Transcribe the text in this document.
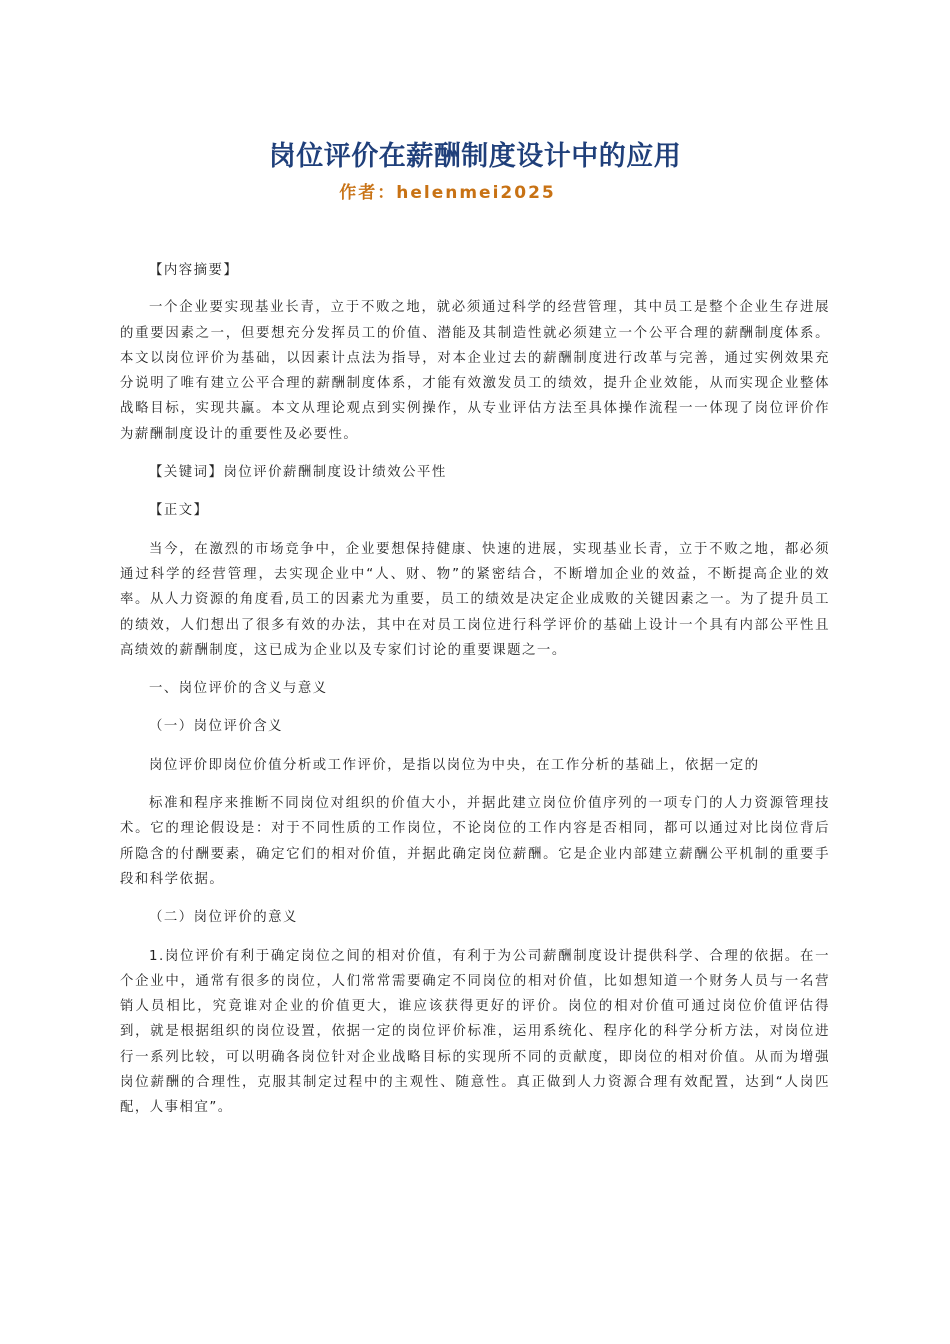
岗位评价在薪酬制度设计中的应用
作者：helenmei2025

【内容摘要】

一个企业要实现基业长青，立于不败之地，就必须通过科学的经营管理，其中员工是整个企业生存进展的重要因素之一，但要想充分发挥员工的价值、潜能及其制造性就必须建立一个公平合理的薪酬制度体系。本文以岗位评价为基础，以因素计点法为指导，对本企业过去的薪酬制度进行改革与完善，通过实例效果充分说明了唯有建立公平合理的薪酬制度体系，才能有效激发员工的绩效，提升企业效能，从而实现企业整体战略目标，实现共赢。本文从理论观点到实例操作，从专业评估方法至具体操作流程一一体现了岗位评价作为薪酬制度设计的重要性及必要性。

【关键词】岗位评价薪酬制度设计绩效公平性

【正文】

当今，在激烈的市场竞争中，企业要想保持健康、快速的进展，实现基业长青，立于不败之地，都必须通过科学的经营管理，去实现企业中“人、财、物”的紧密结合，不断增加企业的效益，不断提高企业的效率。从人力资源的角度看,员工的因素尤为重要，员工的绩效是决定企业成败的关键因素之一。为了提升员工的绩效，人们想出了很多有效的办法，其中在对员工岗位进行科学评价的基础上设计一个具有内部公平性且高绩效的薪酬制度，这已成为企业以及专家们讨论的重要课题之一。

一、岗位评价的含义与意义

（一）岗位评价含义

岗位评价即岗位价值分析或工作评价，是指以岗位为中央，在工作分析的基础上，依据一定的

标准和程序来推断不同岗位对组织的价值大小，并据此建立岗位价值序列的一项专门的人力资源管理技术。它的理论假设是：对于不同性质的工作岗位，不论岗位的工作内容是否相同，都可以通过对比岗位背后所隐含的付酬要素，确定它们的相对价值，并据此确定岗位薪酬。它是企业内部建立薪酬公平机制的重要手段和科学依据。

（二）岗位评价的意义

1.岗位评价有利于确定岗位之间的相对价值，有利于为公司薪酬制度设计提供科学、合理的依据。在一个企业中，通常有很多的岗位，人们常常需要确定不同岗位的相对价值，比如想知道一个财务人员与一名营销人员相比，究竟谁对企业的价值更大，谁应该获得更好的评价。岗位的相对价值可通过岗位价值评估得到，就是根据组织的岗位设置，依据一定的岗位评价标准，运用系统化、程序化的科学分析方法，对岗位进行一系列比较，可以明确各岗位针对企业战略目标的实现所不同的贡献度，即岗位的相对价值。从而为增强岗位薪酬的合理性，克服其制定过程中的主观性、随意性。真正做到人力资源合理有效配置，达到“人岗匹配，人事相宜”。
